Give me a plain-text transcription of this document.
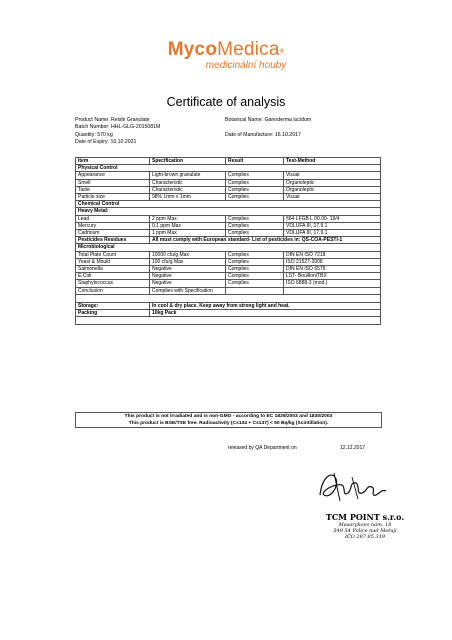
MycoMedica®
medicinální houby
Certificate of analysis
Product Name: Reishi Granulate	Botanical Name: Ganoderma lucidum
Batch Number: HHL-GLG-2015081M
Quantity: 570 kg	Date of Manufacture: 16.10.2017
Date of Expiry: 10.10.2021
Item	Specification	Result	Test-Method
Physical Control			
Appearance	Light-brown granulate	Complies	Visual
Smell	Characteristic	Complies	Organoleptic
Taste	Characteristic	Complies	Organoleptic
Particle size	98% 1mm x 1mm	Complies	Visual
Chemical Control			
Heavy Metal:			
Lead	2 ppm Max	Complies	§64 LFGB L 00.00- 19/4
Mercury	0,1 ppm Max	Complies	VDLUFA III, 17.9.1
Cadmium	1 ppm Max	Complies	VDLUFA III, 17.9.1
Pesticides Residues	All must comply with European standard- List of pesticides in: QS-COA-PESTI-1		
Microbiological			
Total Plate Count	10000 cfu/g Max	Complies	DIN EN ISO 7218
Yeast & Mould	100 cfu/g Max	Complies	ISO 21527-2008
Salmonella	Negative	Complies	DIN EN ISO 6579
E.Coli	Negative	Complies	LST- Bouillon/TBX
Staphylococcus	Negative	Complies	ISO 6888-3 (mod.)
Conclusion	Complies with Specification		

Storage:	In cool & dry place. Keep away from strong light and heat.		
Packing	10kg Pack		

This product is not irradiated and is non-GMO - according to EC 1829/2003 and 1830/2003
This product is BSE/TSE free. Radioactivity (Cs134 + Cs137) < 50 Bq/kg (Scintillation).
released by QA Department on	12.12.2017
TCM POINT s.r.o.
Masarykovo nám. 18
549 54 Police nad Metují
IČO 287 85 319
